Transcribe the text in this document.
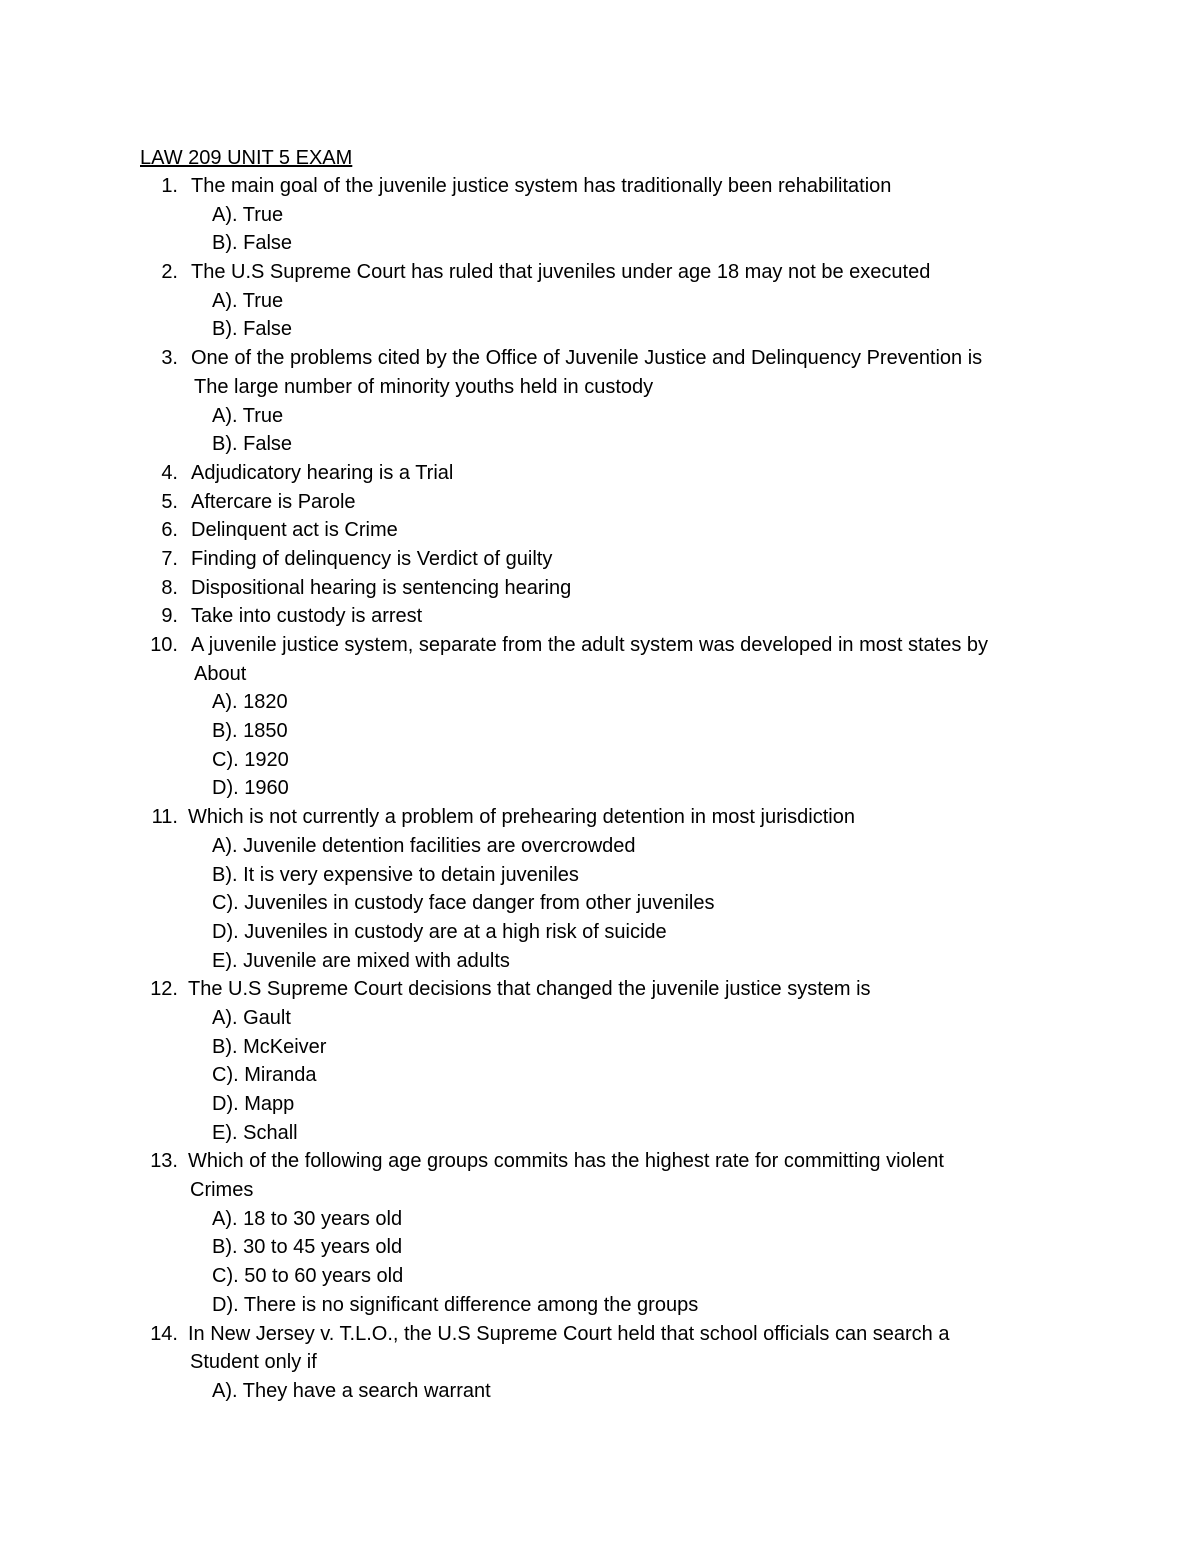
LAW 209 UNIT 5 EXAM
1. The main goal of the juvenile justice system has traditionally been rehabilitation
A). True
B). False
2. The U.S Supreme Court has ruled that juveniles under age 18 may not be executed
A). True
B). False
3. One of the problems cited by the Office of Juvenile Justice and Delinquency Prevention is
The large number of minority youths held in custody
A). True
B). False
4. Adjudicatory hearing is a Trial
5. Aftercare is Parole
6. Delinquent act is Crime
7. Finding of delinquency is Verdict of guilty
8. Dispositional hearing is sentencing hearing
9. Take into custody is arrest
10. A juvenile justice system, separate from the adult system was developed in most states by
About
A). 1820
B). 1850
C). 1920
D). 1960
11. Which is not currently a problem of prehearing detention in most jurisdiction
A). Juvenile detention facilities are overcrowded
B). It is very expensive to detain juveniles
C). Juveniles in custody face danger from other juveniles
D). Juveniles in custody are at a high risk of suicide
E). Juvenile are mixed with adults
12. The U.S Supreme Court decisions that changed the juvenile justice system is
A). Gault
B). McKeiver
C). Miranda
D). Mapp
E). Schall
13. Which of the following age groups commits has the highest rate for committing violent
Crimes
A). 18 to 30 years old
B). 30 to 45 years old
C). 50 to 60 years old
D). There is no significant difference among the groups
14. In New Jersey v. T.L.O., the U.S Supreme Court held that school officials can search a
Student only if
A). They have a search warrant
